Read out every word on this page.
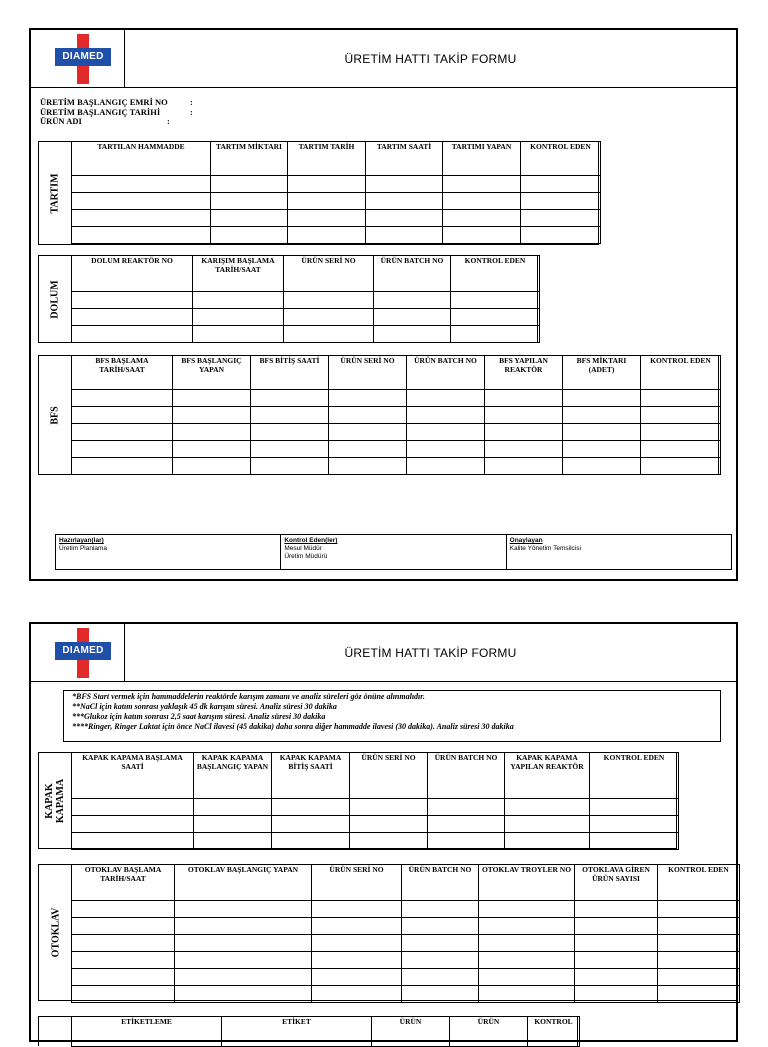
DIAMED	ÜRETİM HATTI TAKİP FORMU
ÜRETİM BAŞLANGIÇ EMRİ NO	:
ÜRETİM BAŞLANGIÇ TARİHİ	:
ÜRÜN ADI	:
TARTIM
TARTILAN HAMMADDE	TARTIM MİKTARI	TARTIM TARİH	TARTIM SAATİ	TARTIMI YAPAN	KONTROL EDEN

DOLUM
DOLUM REAKTÖR NO	KARIŞIM BAŞLAMA TARİH/SAAT	ÜRÜN SERİ NO	ÜRÜN BATCH NO	KONTROL EDEN

BFS
BFS BAŞLAMA TARİH/SAAT	BFS BAŞLANGIÇ YAPAN	BFS BİTİŞ SAATİ	ÜRÜN SERİ NO	ÜRÜN BATCH NO	BFS YAPILAN REAKTÖR	BFS MİKTARI (ADET)	KONTROL EDEN

Hazırlayan(lar)
Üretim Planlama
Kontrol Eden(ler)
Mesul Müdür
Üretim Müdürü
Onaylayan
Kalite Yönetim Temsilcisi
DIAMED	ÜRETİM HATTI TAKİP FORMU
*BFS Start vermek için hammaddelerin reaktörde karışım zamanı ve analiz süreleri göz önüne alınmalıdır.
**NaCl için katım sonrası yaklaşık 45 dk karışım süresi. Analiz süresi 30 dakika
***Glukoz için katım sonrası 2,5 saat karışım süresi. Analiz süresi 30 dakika
****Ringer, Ringer Laktat için önce NaCl ilavesi (45 dakika) daha sonra diğer hammadde ilavesi (30 dakika). Analiz süresi 30 dakika
KAPAK
KAPAMA
KAPAK KAPAMA BAŞLAMA SAATİ	KAPAK KAPAMA BAŞLANGIÇ YAPAN	KAPAK KAPAMA BİTİŞ SAATİ	ÜRÜN SERİ NO	ÜRÜN BATCH NO	KAPAK KAPAMA YAPILAN REAKTÖR	KONTROL EDEN

OTOKLAV
OTOKLAV BAŞLAMA TARİH/SAAT	OTOKLAV BAŞLANGIÇ YAPAN	ÜRÜN SERİ NO	ÜRÜN BATCH NO	OTOKLAV TROYLER NO	OTOKLAVA GİREN ÜRÜN SAYISI	KONTROL EDEN

ETİKETLEME	ETİKET	ÜRÜN	ÜRÜN	KONTROL
